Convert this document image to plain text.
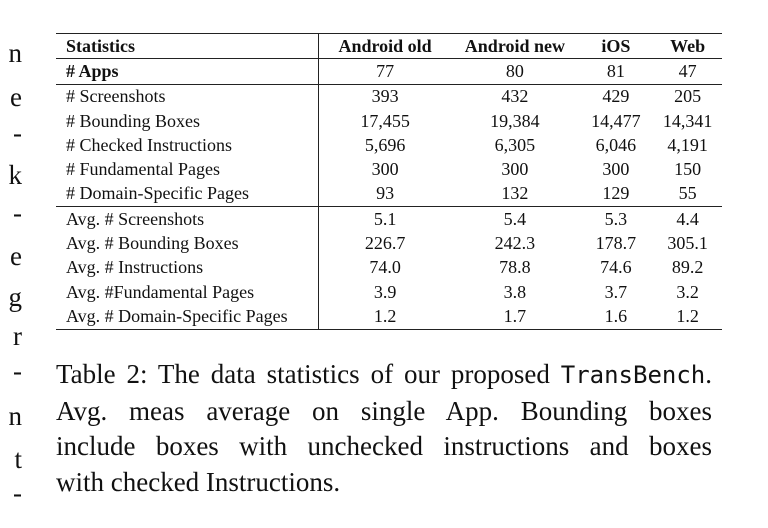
n
e
-
k
-
e
g
r
-
n
t
-
Statistics	Android old	Android new	iOS	Web
# Apps	77	80	81	47
# Screenshots	393	432	429	205
# Bounding Boxes	17,455	19,384	14,477	14,341
# Checked Instructions	5,696	6,305	6,046	4,191
# Fundamental Pages	300	300	300	150
# Domain-Specific Pages	93	132	129	55
Avg. # Screenshots	5.1	5.4	5.3	4.4
Avg. # Bounding Boxes	226.7	242.3	178.7	305.1
Avg. # Instructions	74.0	78.8	74.6	89.2
Avg. #Fundamental Pages	3.9	3.8	3.7	3.2
Avg. # Domain-Specific Pages	1.2	1.7	1.6	1.2
Table 2: The data statistics of our proposed TransBench.
Avg. meas average on single App. Bounding boxes
include boxes with unchecked instructions and boxes
with checked Instructions.
